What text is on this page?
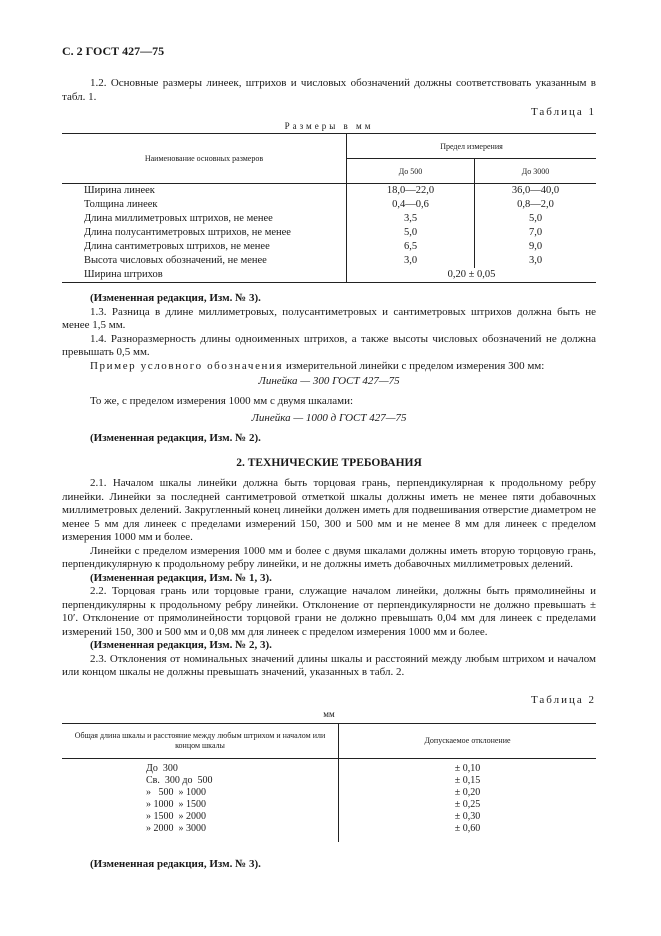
С. 2 ГОСТ 427—75

1.2. Основные размеры линеек, штрихов и числовых обозначений должны соответствовать указанным в табл. 1.

Таблица 1
Размеры в мм
Наименование основных размеров	Предел измерения	
	До 500	До 3000
Ширина линеек	18,0—22,0	36,0—40,0
Толщина линеек	0,4—0,6	0,8—2,0
Длина миллиметровых штрихов, не менее	3,5	5,0
Длина полусантиметровых штрихов, не менее	5,0	7,0
Длина сантиметровых штрихов, не менее	6,5	9,0
Высота числовых обозначений, не менее	3,0	3,0
Ширина штрихов	0,20 ± 0,05	

(Измененная редакция, Изм. № 3).

1.3. Разница в длине миллиметровых, полусантиметровых и сантиметровых штрихов должна быть не менее 1,5 мм.

1.4. Разноразмерность длины одноименных штрихов, а также высоты числовых обозначений не должна превышать 0,5 мм.

Пример условного обозначения измерительной линейки с пределом измерения 300 мм:

Линейка — 300 ГОСТ 427—75

То же, с пределом измерения 1000 мм с двумя шкалами:

Линейка — 1000 д ГОСТ 427—75

(Измененная редакция, Изм. № 2).

2. ТЕХНИЧЕСКИЕ ТРЕБОВАНИЯ

2.1. Началом шкалы линейки должна быть торцовая грань, перпендикулярная к продольному ребру линейки. Линейки за последней сантиметровой отметкой шкалы должны иметь не менее пяти добавочных миллиметровых делений. Закругленный конец линейки должен иметь для подвешивания отверстие диаметром не менее 5 мм для линеек с пределами измерений 150, 300 и 500 мм и не менее 8 мм для линеек с пределом измерения 1000 мм и более.

Линейки с пределом измерения 1000 мм и более с двумя шкалами должны иметь вторую торцовую грань, перпендикулярную к продольному ребру линейки, и не должны иметь добавочных миллиметровых делений.

(Измененная редакция, Изм. № 1, 3).

2.2. Торцовая грань или торцовые грани, служащие началом линейки, должны быть прямолинейны и перпендикулярны к продольному ребру линейки. Отклонение от перпендикулярности не должно превышать ± 10′. Отклонение от прямолинейности торцовой грани не должно превышать 0,04 мм для линеек с пределами измерений 150, 300 и 500 мм и 0,08 мм для линеек с пределом измерения 1000 мм и более.

(Измененная редакция, Изм. № 2, 3).

2.3. Отклонения от номинальных значений длины шкалы и расстояний между любым штрихом и началом или концом шкалы не должны превышать значений, указанных в табл. 2.

Таблица 2
мм
Общая длина шкалы и расстояние между любым штрихом и началом или концом шкалы	Допускаемое отклонение
До  300	± 0,10
Св.  300 до  500	± 0,15
»   500  » 1000	± 0,20
» 1000  » 1500	± 0,25
» 1500  » 2000	± 0,30
» 2000  » 3000	± 0,60

(Измененная редакция, Изм. № 3).
